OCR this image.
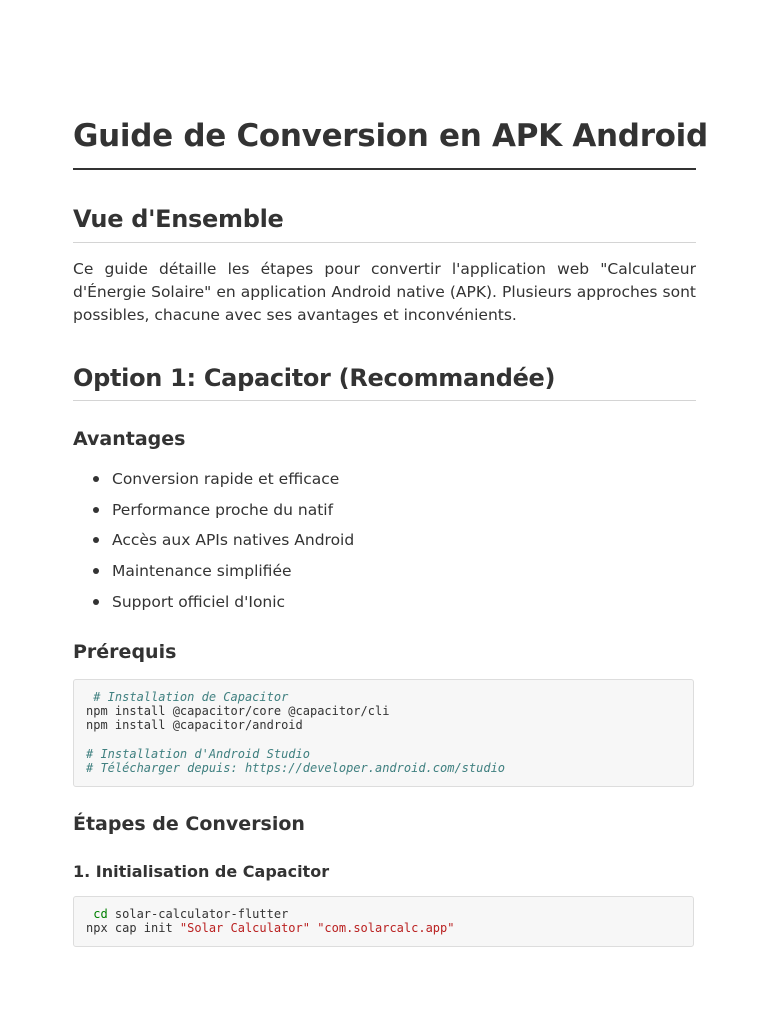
Guide de Conversion en APK Android
Vue d'Ensemble

Ce guide détaille les étapes pour convertir l'application web "Calculateur d'Énergie Solaire" en application Android native (APK). Plusieurs approches sont possibles, chacune avec ses avantages et inconvénients.

Option 1: Capacitor (Recommandée)
Avantages
Conversion rapide et efficace
Performance proche du natif
Accès aux APIs natives Android
Maintenance simplifiée
Support officiel d'Ionic
Prérequis
# Installation de Capacitor
npm install @capacitor/core @capacitor/cli
npm install @capacitor/android
# Installation d'Android Studio
# Télécharger depuis: https://developer.android.com/studio
Étapes de Conversion
1. Initialisation de Capacitor
cd solar-calculator-flutter
npx cap init "Solar Calculator" "com.solarcalc.app"
